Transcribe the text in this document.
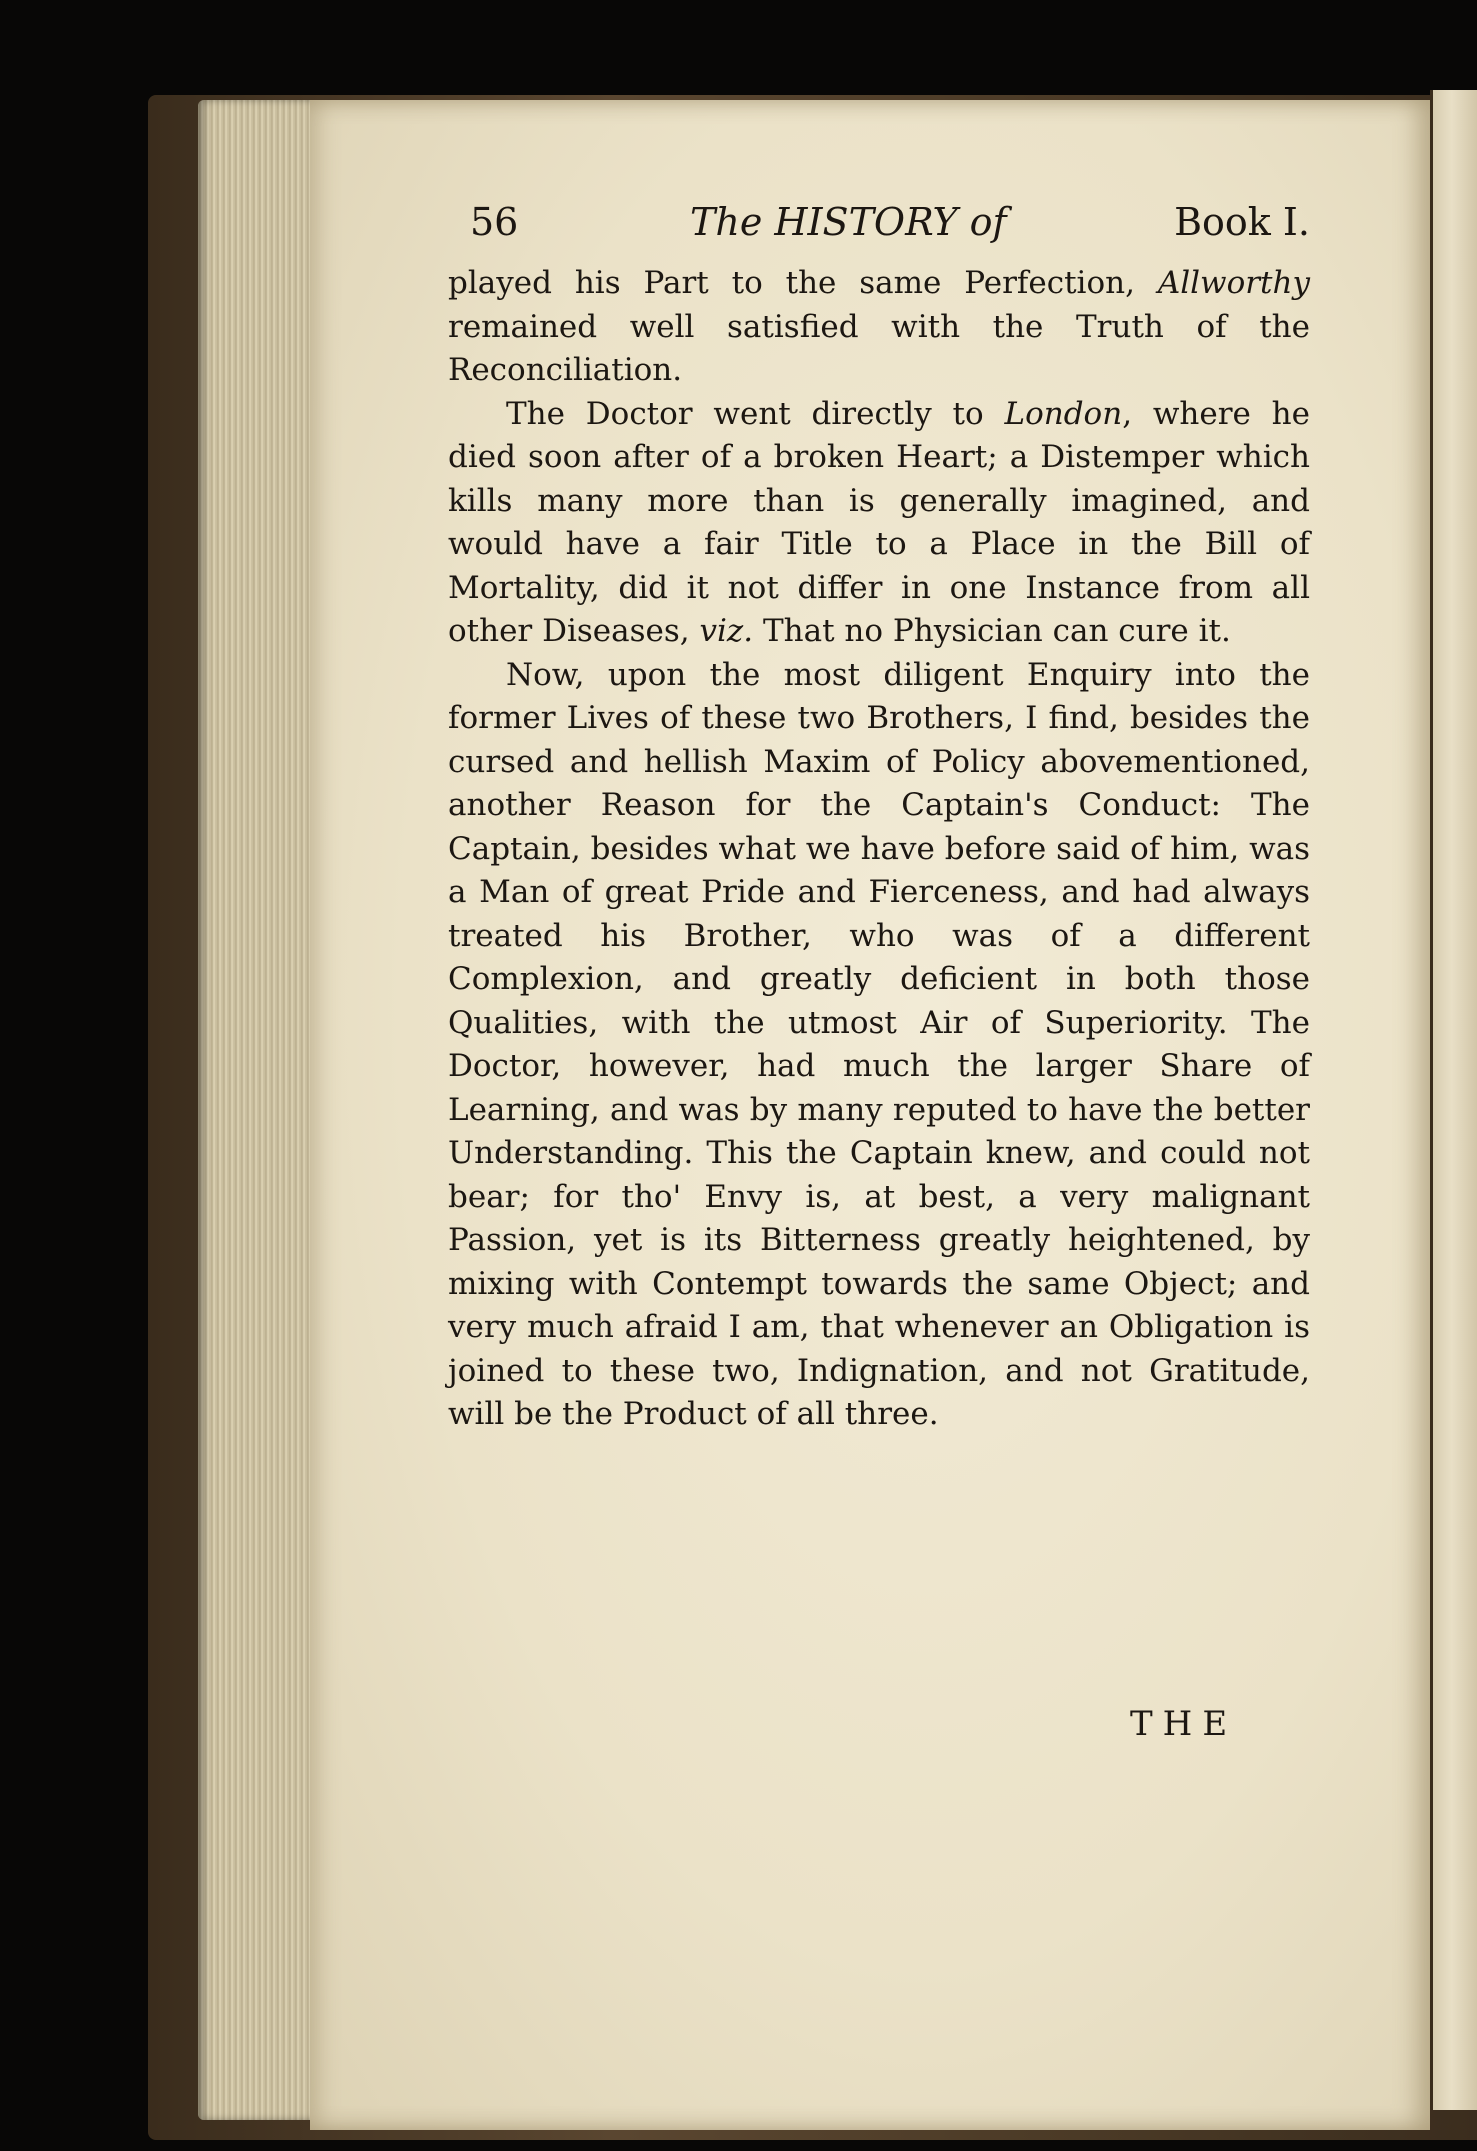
56	The HISTORY of	Book I.

played his Part to the same Perfection, Allworthy remained well satisfied with the Truth of the Reconciliation.

The Doctor went directly to London, where he died soon after of a broken Heart; a Distemper which kills many more than is generally imagined, and would have a fair Title to a Place in the Bill of Mortality, did it not differ in one Instance from all other Diseases, viz. That no Physician can cure it.

Now, upon the most diligent Enquiry into the former Lives of these two Brothers, I find, besides the cursed and hellish Maxim of Policy abovementioned, another Reason for the Captain's Conduct: The Captain, besides what we have before said of him, was a Man of great Pride and Fierceness, and had always treated his Brother, who was of a different Complexion, and greatly deficient in both those Qualities, with the utmost Air of Superiority. The Doctor, however, had much the larger Share of Learning, and was by many reputed to have the better Understanding. This the Captain knew, and could not bear; for tho' Envy is, at best, a very malignant Passion, yet is its Bitterness greatly heightened, by mixing with Contempt towards the same Object; and very much afraid I am, that whenever an Obligation is joined to these two, Indignation, and not Gratitude, will be the Product of all three.

THE
